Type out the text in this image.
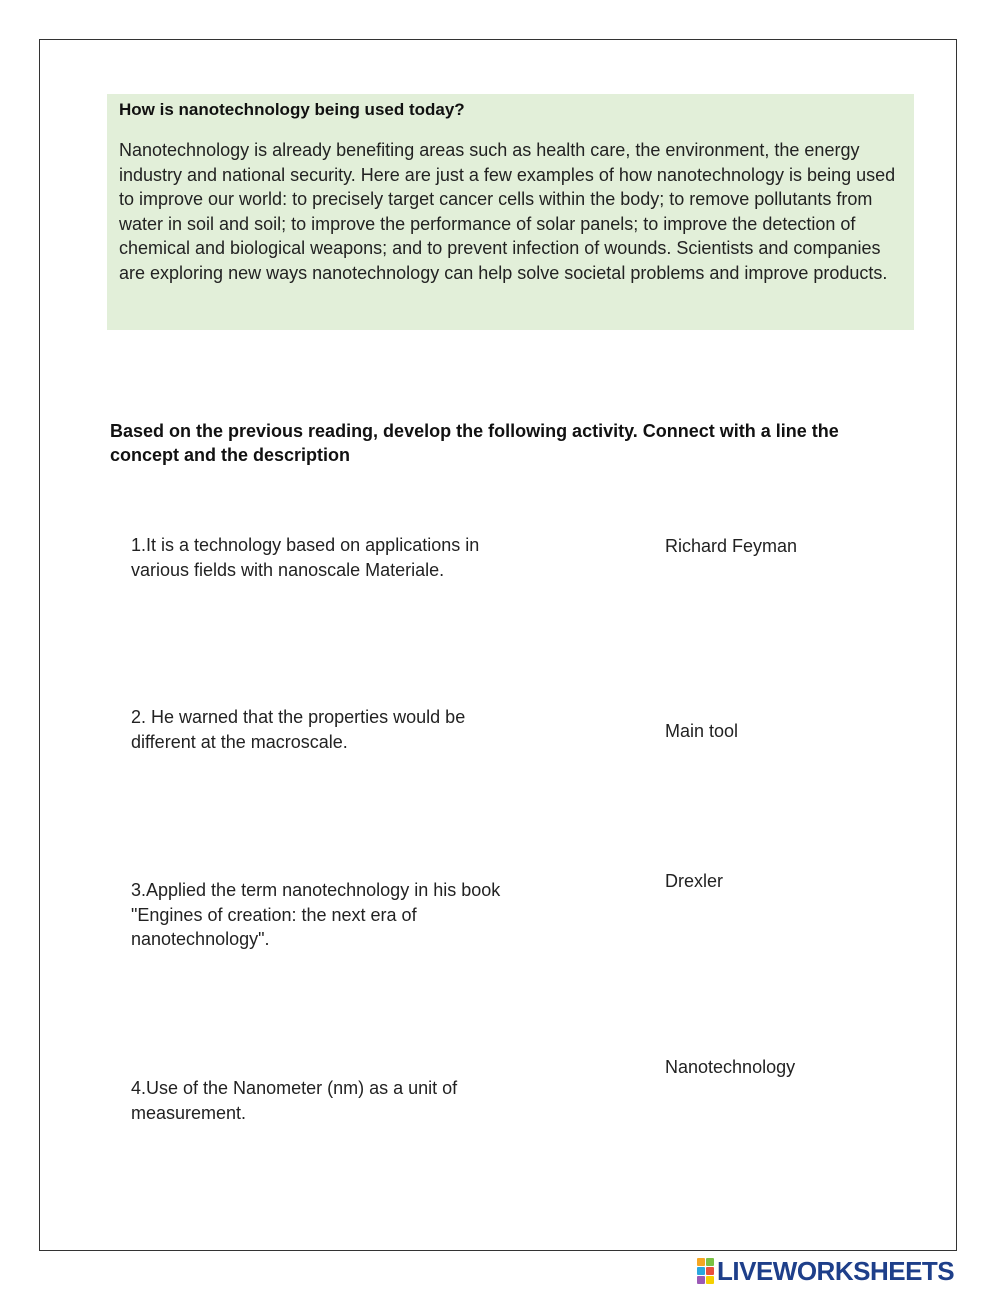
How is nanotechnology being used today?

Nanotechnology is already benefiting areas such as health care, the environment, the energy industry and national security. Here are just a few examples of how nanotechnology is being used to improve our world: to precisely target cancer cells within the body; to remove pollutants from water in soil and soil; to improve the performance of solar panels; to improve the detection of chemical and biological weapons; and to prevent infection of wounds. Scientists and companies are exploring new ways nanotechnology can help solve societal problems and improve products.

Based on the previous reading, develop the following activity. Connect with a line the concept and the description

1.It is a technology based on applications in various fields with nanoscale Materiale.

2. He warned that the properties would be different at the macroscale.

3.Applied the term nanotechnology in his book "Engines of creation: the next era of nanotechnology".

4.Use of the Nanometer (nm) as a unit of measurement.

Richard Feyman

Main tool

Drexler

Nanotechnology

LIVEWORKSHEETS
